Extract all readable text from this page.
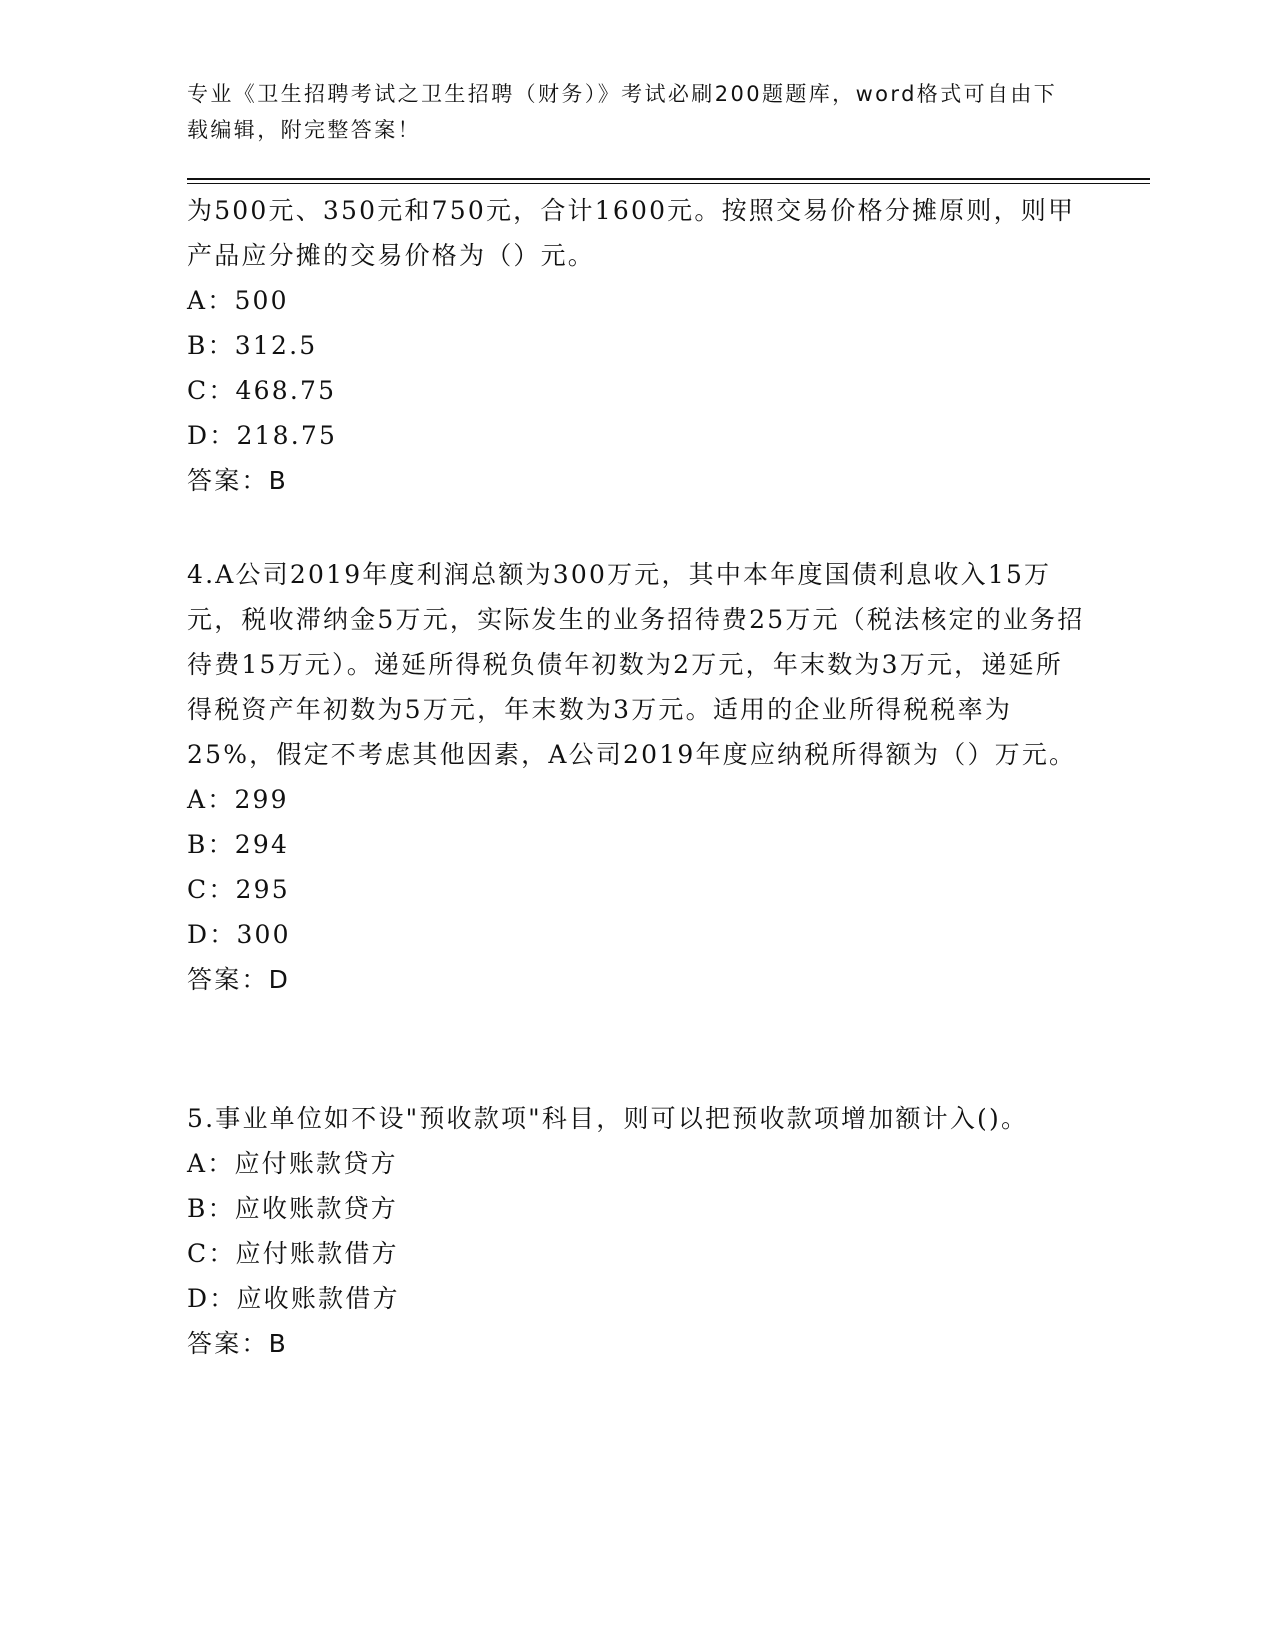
专业《卫生招聘考试之卫生招聘（财务）》考试必刷200题题库，word格式可自由下载编辑，附完整答案！

为500元、350元和750元，合计1600元。按照交易价格分摊原则，则甲产品应分摊的交易价格为（）元。

A：500

B：312.5

C：468.75

D：218.75

答案：B

4.A公司2019年度利润总额为300万元，其中本年度国债利息收入15万元，税收滞纳金5万元，实际发生的业务招待费25万元（税法核定的业务招待费15万元）。递延所得税负债年初数为2万元，年末数为3万元，递延所得税资产年初数为5万元，年末数为3万元。适用的企业所得税税率为25%，假定不考虑其他因素，A公司2019年度应纳税所得额为（）万元。

A：299

B：294

C：295

D：300

答案：D

5.事业单位如不设"预收款项"科目，则可以把预收款项增加额计入()。

A：应付账款贷方

B：应收账款贷方

C：应付账款借方

D：应收账款借方

答案：B
